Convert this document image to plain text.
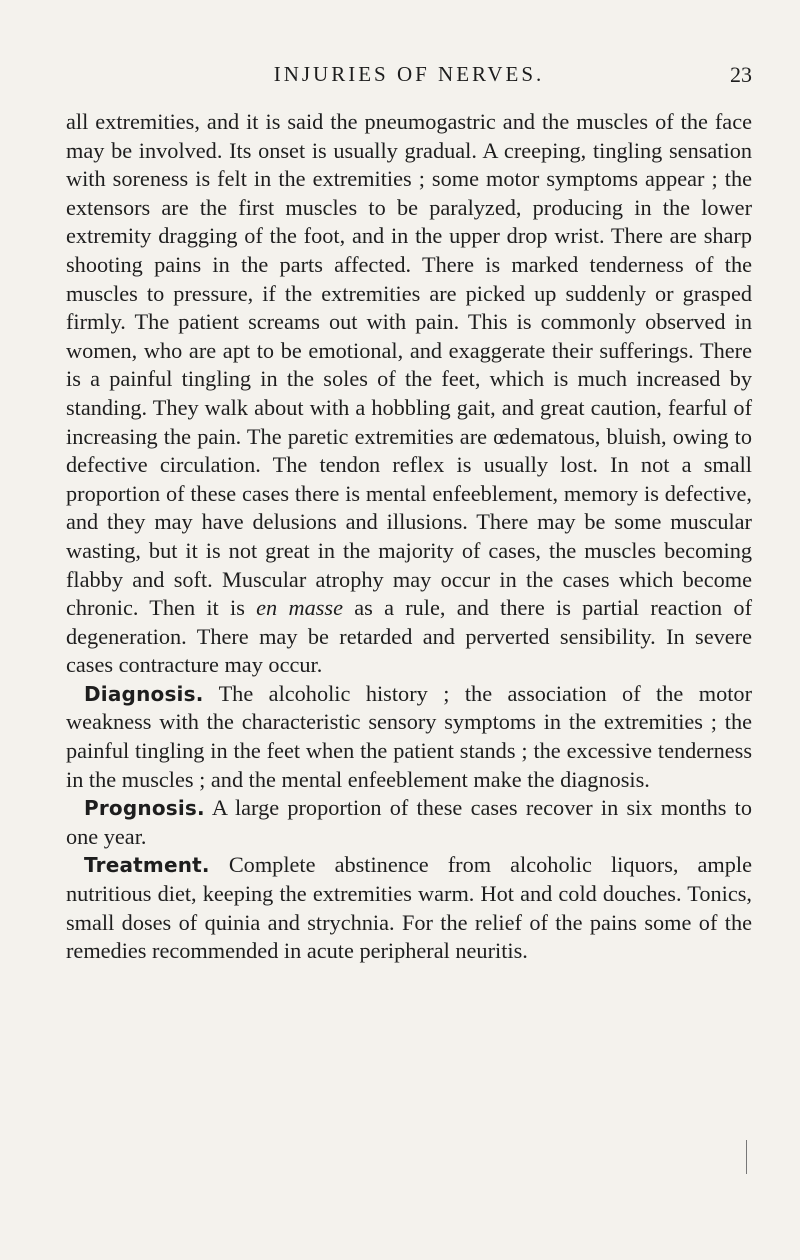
INJURIES OF NERVES.	23

all extremities, and it is said the pneumogastric and the muscles of the face may be involved. Its onset is usually gradual. A creeping, tingling sensation with soreness is felt in the extremities ; some motor symptoms appear ; the extensors are the first muscles to be paralyzed, producing in the lower extremity dragging of the foot, and in the upper drop wrist. There are sharp shooting pains in the parts affected. There is marked tenderness of the muscles to pressure, if the extremities are picked up suddenly or grasped firmly. The patient screams out with pain. This is commonly observed in women, who are apt to be emotional, and exaggerate their sufferings. There is a painful tingling in the soles of the feet, which is much increased by standing. They walk about with a hobbling gait, and great caution, fearful of increasing the pain. The paretic extremities are œdematous, bluish, owing to defective circulation. The tendon reflex is usually lost. In not a small proportion of these cases there is mental enfeeblement, memory is defective, and they may have delusions and illusions. There may be some muscular wasting, but it is not great in the majority of cases, the muscles becoming flabby and soft. Muscular atrophy may occur in the cases which become chronic. Then it is en masse as a rule, and there is partial reaction of degeneration. There may be retarded and perverted sensibility. In severe cases contracture may occur.

Diagnosis. The alcoholic history ; the association of the motor weakness with the characteristic sensory symptoms in the extremities ; the painful tingling in the feet when the patient stands ; the excessive tenderness in the muscles ; and the mental enfeeblement make the diagnosis.

Prognosis. A large proportion of these cases recover in six months to one year.

Treatment. Complete abstinence from alcoholic liquors, ample nutritious diet, keeping the extremities warm. Hot and cold douches. Tonics, small doses of quinia and strychnia. For the relief of the pains some of the remedies recommended in acute peripheral neuritis.
